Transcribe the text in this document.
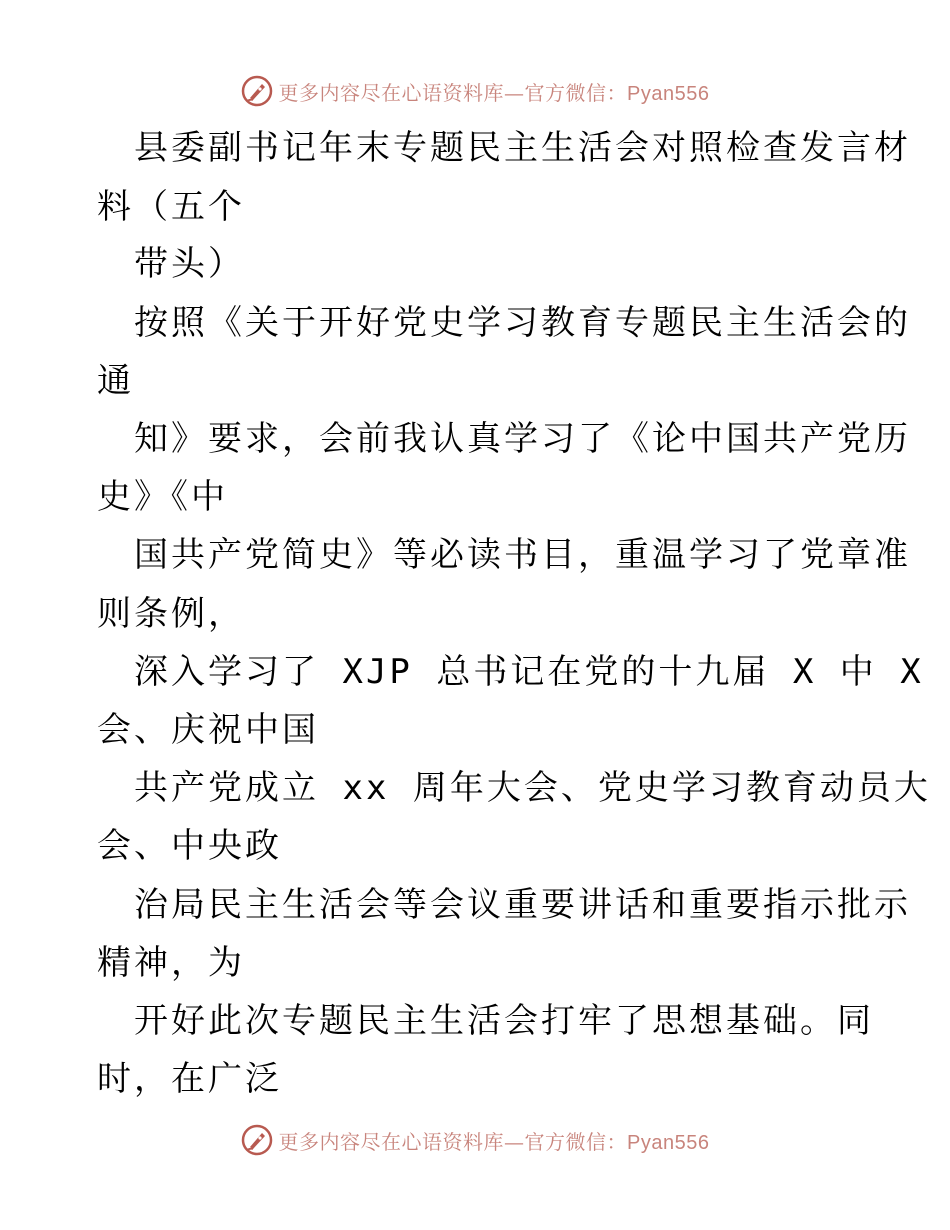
更多内容尽在心语资料库—官方微信：Pyan556
县委副书记年末专题民主生活会对照检查发言材
料（五个
带头）
按照《关于开好党史学习教育专题民主生活会的
通
知》要求，会前我认真学习了《论中国共产党历
史》《中
国共产党简史》等必读书目，重温学习了党章准
则条例，
深入学习了 XJP 总书记在党的十九届 X 中 X
会、庆祝中国
共产党成立 xx 周年大会、党史学习教育动员大
会、中央政
治局民主生活会等会议重要讲话和重要指示批示
精神，为
开好此次专题民主生活会打牢了思想基础。同
时，在广泛
更多内容尽在心语资料库—官方微信：Pyan556
